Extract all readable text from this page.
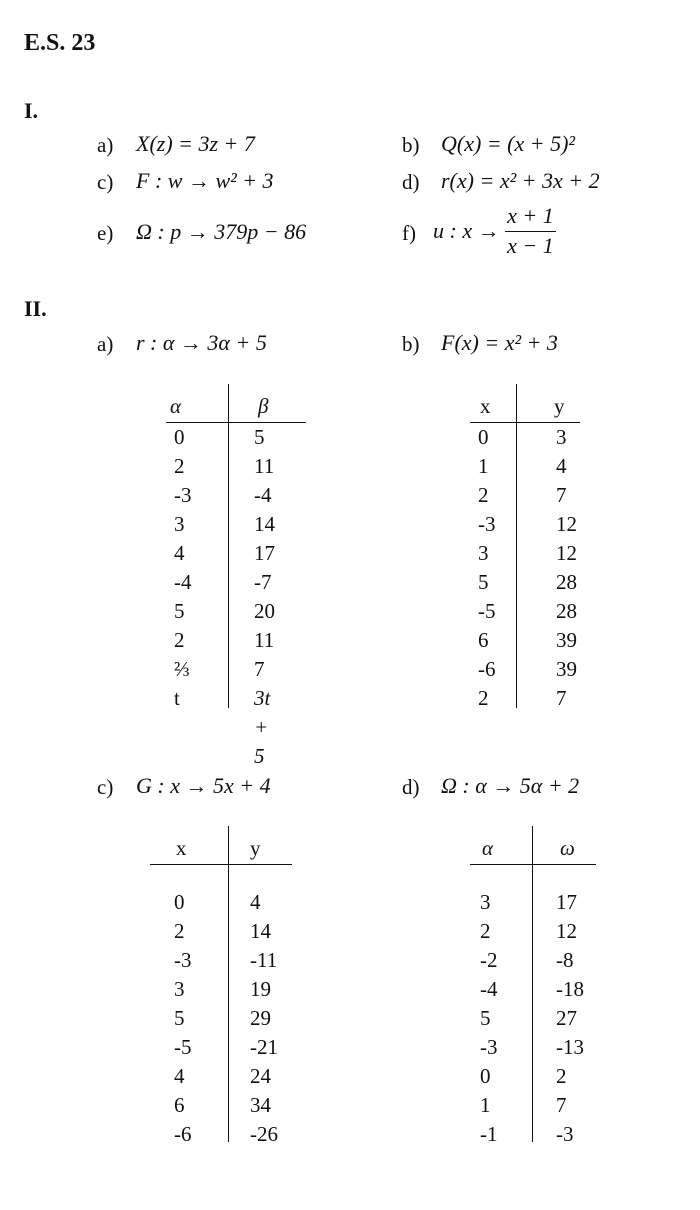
E.S. 23
I.
a) X(z) = 3z + 7	b) Q(x) = (x + 5)²
c) F : w → w² + 3	d) r(x) = x² + 3x + 2
e) Ω : p → 379p − 86	f) u : $x \to \frac{x + 1}{x - 1}$
II.
a) r : α → 3α + 5	b) F(x) = x² + 3
c) G : x → 5x + 4	d) Ω : α → 5α + 2
α	β
0	5
2	11
-3	-4
3	14
4	17
-4	-7
5	20
2	11
⅔	7
t	3t + 5
x	y
0	3
1	4
2	7
-3	12
3	12
5	28
-5	28
6	39
-6	39
2	7
x	y
0	4
2	14
-3	-11
3	19
5	29
-5	-21
4	24
6	34
-6	-26
α	ω
3	17
2	12
-2	-8
-4	-18
5	27
-3	-13
0	2
1	7
-1	-3
